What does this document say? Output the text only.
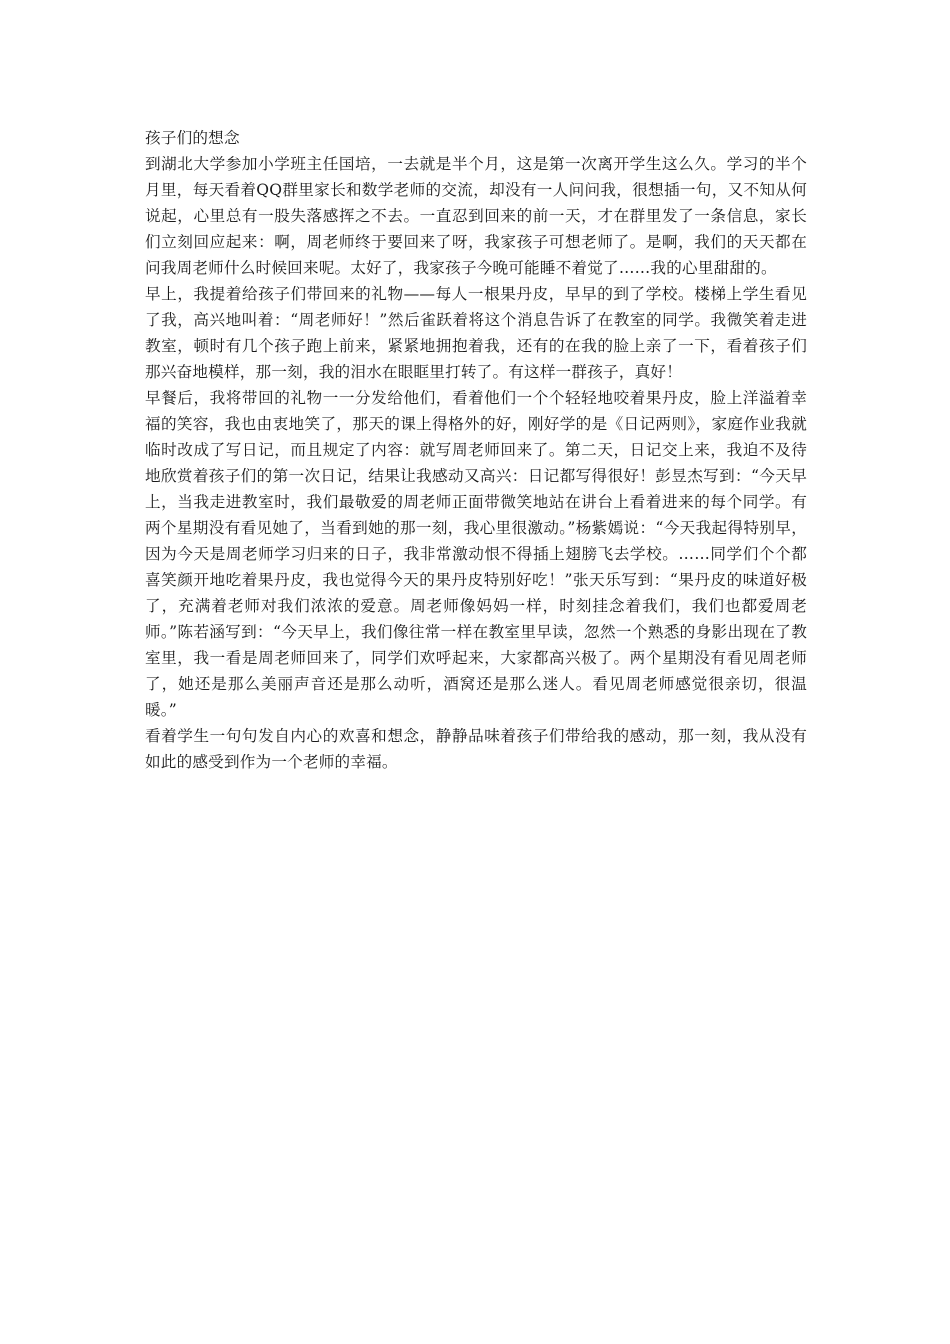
孩子们的想念

到湖北大学参加小学班主任国培，一去就是半个月，这是第一次离开学生这么久。学习的半个月里，每天看着QQ群里家长和数学老师的交流，却没有一人问问我，很想插一句，又不知从何说起，心里总有一股失落感挥之不去。一直忍到回来的前一天，才在群里发了一条信息，家长们立刻回应起来：啊，周老师终于要回来了呀，我家孩子可想老师了。是啊，我们的天天都在问我周老师什么时候回来呢。太好了，我家孩子今晚可能睡不着觉了……我的心里甜甜的。

早上，我提着给孩子们带回来的礼物——每人一根果丹皮，早早的到了学校。楼梯上学生看见了我，高兴地叫着：“周老师好！”然后雀跃着将这个消息告诉了在教室的同学。我微笑着走进教室，顿时有几个孩子跑上前来，紧紧地拥抱着我，还有的在我的脸上亲了一下，看着孩子们那兴奋地模样，那一刻，我的泪水在眼眶里打转了。有这样一群孩子，真好！

早餐后，我将带回的礼物一一分发给他们，看着他们一个个轻轻地咬着果丹皮，脸上洋溢着幸福的笑容，我也由衷地笑了，那天的课上得格外的好，刚好学的是《日记两则》，家庭作业我就临时改成了写日记，而且规定了内容：就写周老师回来了。第二天，日记交上来，我迫不及待地欣赏着孩子们的第一次日记，结果让我感动又高兴：日记都写得很好！彭昱杰写到：“今天早上，当我走进教室时，我们最敬爱的周老师正面带微笑地站在讲台上看着进来的每个同学。有两个星期没有看见她了，当看到她的那一刻，我心里很激动。”杨紫嫣说：“今天我起得特别早，因为今天是周老师学习归来的日子，我非常激动恨不得插上翅膀飞去学校。……同学们个个都喜笑颜开地吃着果丹皮，我也觉得今天的果丹皮特别好吃！”张天乐写到：“果丹皮的味道好极了，充满着老师对我们浓浓的爱意。周老师像妈妈一样，时刻挂念着我们，我们也都爱周老师。”陈若涵写到：“今天早上，我们像往常一样在教室里早读，忽然一个熟悉的身影出现在了教室里，我一看是周老师回来了，同学们欢呼起来，大家都高兴极了。两个星期没有看见周老师了，她还是那么美丽声音还是那么动听，酒窝还是那么迷人。看见周老师感觉很亲切，很温暖。”

看着学生一句句发自内心的欢喜和想念，静静品味着孩子们带给我的感动，那一刻，我从没有如此的感受到作为一个老师的幸福。
